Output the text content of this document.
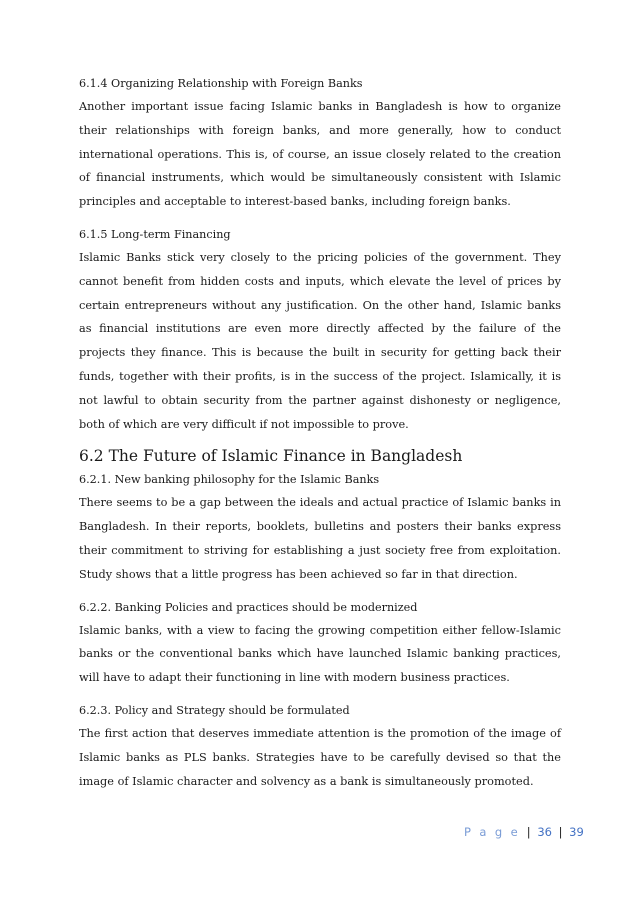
6.1.4 Organizing Relationship with Foreign Banks

Another important issue facing Islamic banks in Bangladesh is how to organize their relationships with foreign banks, and more generally, how to conduct international operations. This is, of course, an issue closely related to the creation of financial instruments, which would be simultaneously consistent with Islamic principles and acceptable to interest-based banks, including foreign banks.

6.1.5 Long-term Financing

Islamic Banks stick very closely to the pricing policies of the government. They cannot benefit from hidden costs and inputs, which elevate the level of prices by certain entrepreneurs without any justification. On the other hand, Islamic banks as financial institutions are even more directly affected by the failure of the projects they finance. This is because the built in security for getting back their funds, together with their profits, is in the success of the project. Islamically, it is not lawful to obtain security from the partner against dishonesty or negligence, both of which are very difficult if not impossible to prove.

6.2 The Future of Islamic Finance in Bangladesh
6.2.1. New banking philosophy for the Islamic Banks

There seems to be a gap between the ideals and actual practice of Islamic banks in Bangladesh. In their reports, booklets, bulletins and posters their banks express their commitment to striving for establishing a just society free from exploitation. Study shows that a little progress has been achieved so far in that direction.

6.2.2. Banking Policies and practices should be modernized

Islamic banks, with a view to facing the growing competition either fellow-Islamic banks or the conventional banks which have launched Islamic banking practices, will have to adapt their functioning in line with modern business practices.

6.2.3. Policy and Strategy should be formulated

The first action that deserves immediate attention is the promotion of the image of Islamic banks as PLS banks. Strategies have to be carefully devised so that the image of Islamic character and solvency as a bank is simultaneously promoted.

P a g e | 36 | 39
